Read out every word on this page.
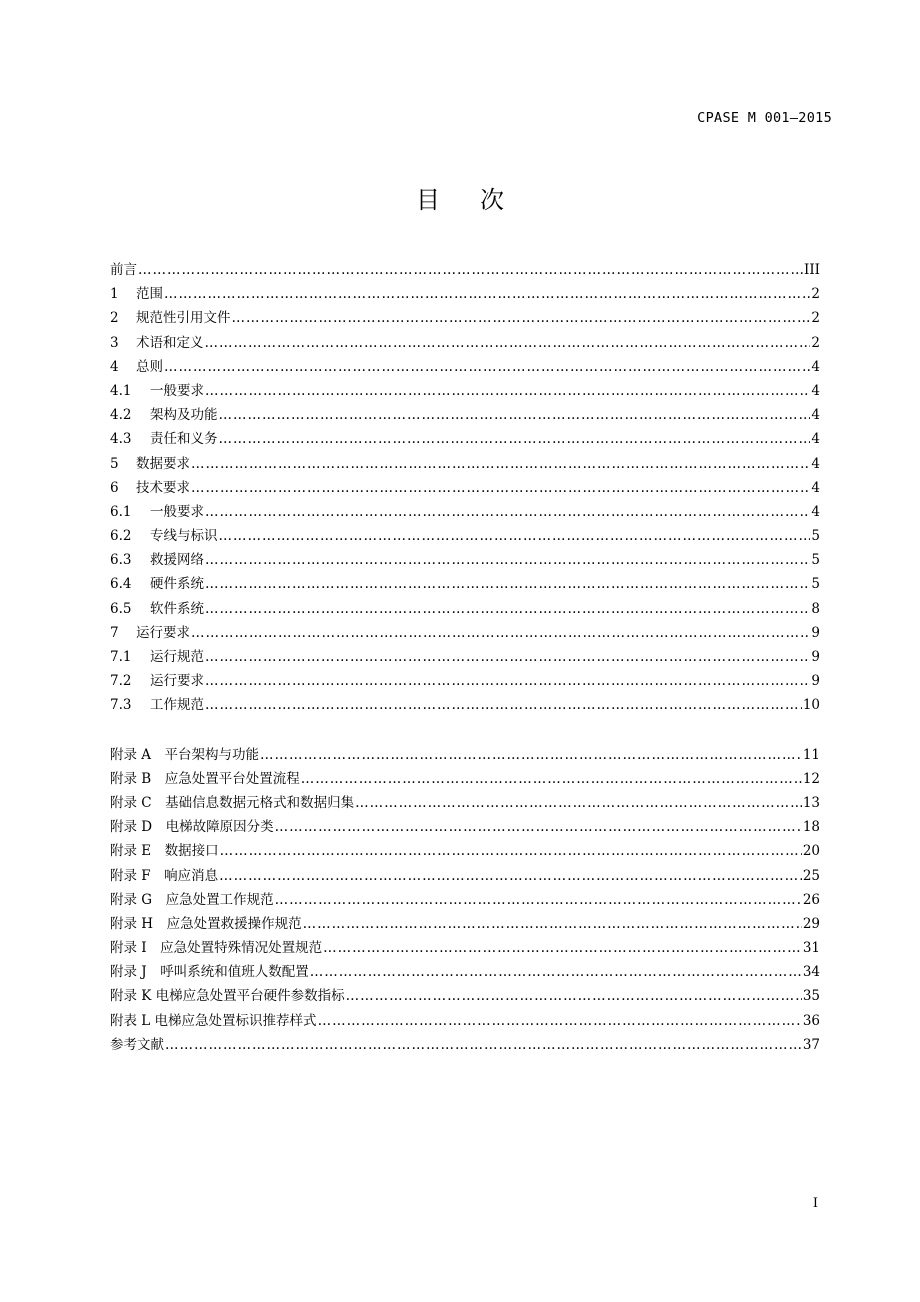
CPASE M 001—2015

目次
前言 ……………………………………………………………………………………………………………………………………………………………………………………………………………………	III
1 范围 ……………………………………………………………………………………………………………………………………………………………………………………………………………………	2
2 规范性引用文件 ……………………………………………………………………………………………………………………………………………………………………………………………………………………	2
3 术语和定义 ……………………………………………………………………………………………………………………………………………………………………………………………………………………	2
4 总则 ……………………………………………………………………………………………………………………………………………………………………………………………………………………	4
4.1 一般要求 ……………………………………………………………………………………………………………………………………………………………………………………………………………………	4
4.2 架构及功能 ……………………………………………………………………………………………………………………………………………………………………………………………………………………	4
4.3 责任和义务 ……………………………………………………………………………………………………………………………………………………………………………………………………………………	4
5 数据要求 ……………………………………………………………………………………………………………………………………………………………………………………………………………………	4
6 技术要求 ……………………………………………………………………………………………………………………………………………………………………………………………………………………	4
6.1 一般要求 ……………………………………………………………………………………………………………………………………………………………………………………………………………………	4
6.2 专线与标识 ……………………………………………………………………………………………………………………………………………………………………………………………………………………	5
6.3 救援网络 ……………………………………………………………………………………………………………………………………………………………………………………………………………………	5
6.4 硬件系统 ……………………………………………………………………………………………………………………………………………………………………………………………………………………	5
6.5 软件系统 ……………………………………………………………………………………………………………………………………………………………………………………………………………………	8
7 运行要求 ……………………………………………………………………………………………………………………………………………………………………………………………………………………	9
7.1 运行规范 ……………………………………………………………………………………………………………………………………………………………………………………………………………………	9
7.2 运行要求 ……………………………………………………………………………………………………………………………………………………………………………………………………………………	9
7.3 工作规范 ……………………………………………………………………………………………………………………………………………………………………………………………………………………	10
附录 A　平台架构与功能 ……………………………………………………………………………………………………………………………………………………………………………………………………………………	11
附录 B　应急处置平台处置流程 ……………………………………………………………………………………………………………………………………………………………………………………………………………………	12
附录 C　基础信息数据元格式和数据归集 ……………………………………………………………………………………………………………………………………………………………………………………………………………………	13
附录 D　电梯故障原因分类 ……………………………………………………………………………………………………………………………………………………………………………………………………………………	18
附录 E　数据接口 ……………………………………………………………………………………………………………………………………………………………………………………………………………………	20
附录 F　响应消息 ……………………………………………………………………………………………………………………………………………………………………………………………………………………	25
附录 G　应急处置工作规范 ……………………………………………………………………………………………………………………………………………………………………………………………………………………	26
附录 H　应急处置救援操作规范 ……………………………………………………………………………………………………………………………………………………………………………………………………………………	29
附录 I　应急处置特殊情况处置规范 ……………………………………………………………………………………………………………………………………………………………………………………………………………………	31
附录 J　呼叫系统和值班人数配置 ……………………………………………………………………………………………………………………………………………………………………………………………………………………	34
附录 K 电梯应急处置平台硬件参数指标 ……………………………………………………………………………………………………………………………………………………………………………………………………………………	35
附表 L 电梯应急处置标识推荐样式 ……………………………………………………………………………………………………………………………………………………………………………………………………………………	36
参考文献 ……………………………………………………………………………………………………………………………………………………………………………………………………………………	37

I
